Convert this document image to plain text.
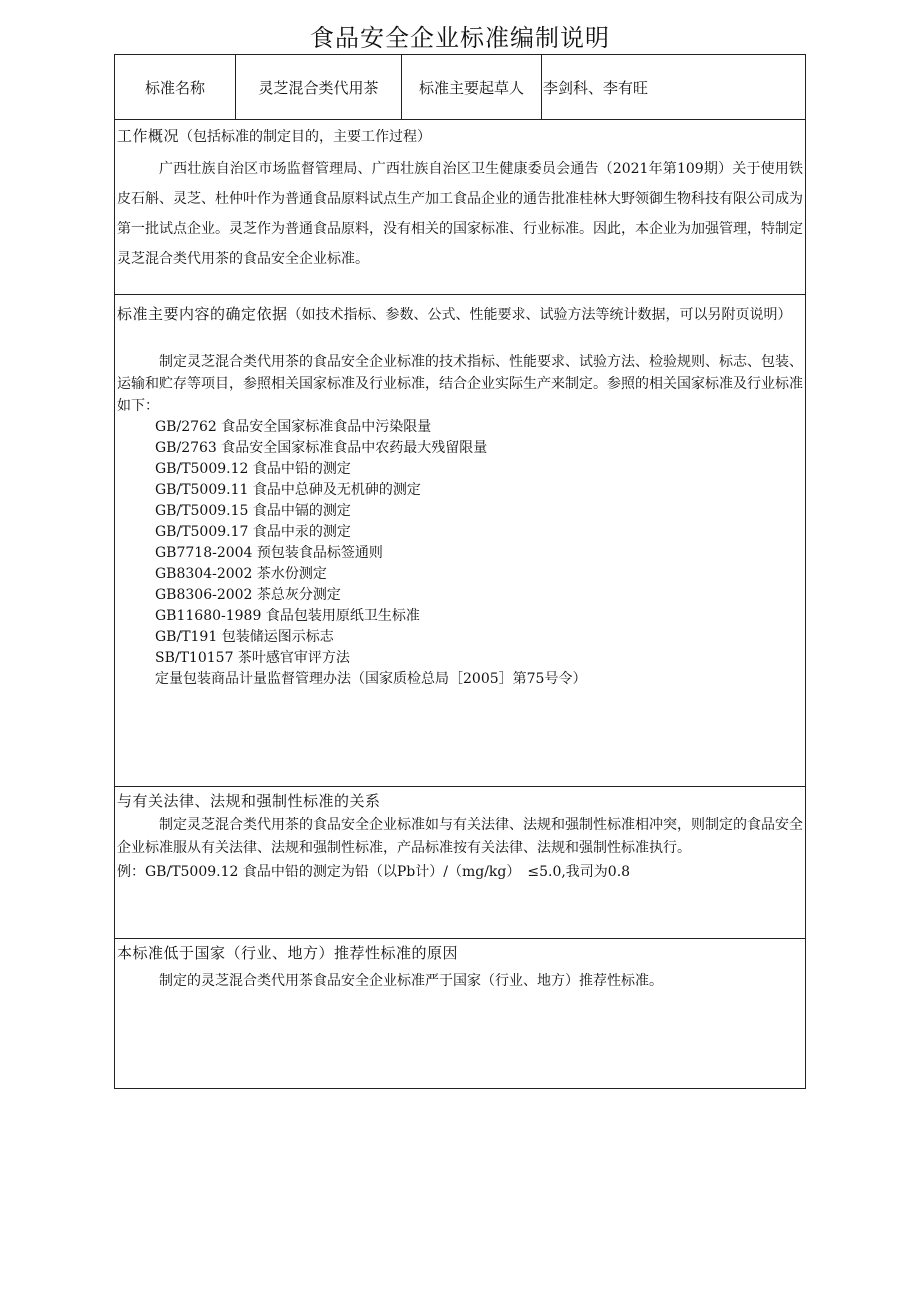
食品安全企业标准编制说明
标准名称	灵芝混合类代用茶	标准主要起草人	李剑科、李有旺
工作概况（包括标准的制定目的，主要工作过程）
广西壮族自治区市场监督管理局、广西壮族自治区卫生健康委员会通告（2021年第109期）关于使用铁皮石斛、灵芝、杜仲叶作为普通食品原料试点生产加工食品企业的通告批准桂林大野领御生物科技有限公司成为第一批试点企业。灵芝作为普通食品原料，没有相关的国家标准、行业标准。因此，本企业为加强管理，特制定灵芝混合类代用茶的食品安全企业标准。
标准主要内容的确定依据（如技术指标、参数、公式、性能要求、试验方法等统计数据，可以另附页说明）
制定灵芝混合类代用茶的食品安全企业标准的技术指标、性能要求、试验方法、检验规则、标志、包装、运输和贮存等项目，参照相关国家标准及行业标准，结合企业实际生产来制定。参照的相关国家标准及行业标准如下：
GB/2762 食品安全国家标准食品中污染限量
GB/2763 食品安全国家标准食品中农药最大残留限量
GB/T5009.12 食品中铅的测定
GB/T5009.11 食品中总砷及无机砷的测定
GB/T5009.15 食品中镉的测定
GB/T5009.17 食品中汞的测定
GB7718-2004 预包装食品标签通则
GB8304-2002 茶水份测定
GB8306-2002 茶总灰分测定
GB11680-1989 食品包装用原纸卫生标准
GB/T191 包装储运图示标志
SB/T10157 茶叶感官审评方法
定量包装商品计量监督管理办法（国家质检总局［2005］第75号令）
与有关法律、法规和强制性标准的关系
制定灵芝混合类代用茶的食品安全企业标准如与有关法律、法规和强制性标准相冲突，则制定的食品安全企业标准服从有关法律、法规和强制性标准，产品标准按有关法律、法规和强制性标准执行。
例：GB/T5009.12 食品中铅的测定为铅（以Pb计）/（mg/kg）　≤5.0,我司为0.8
本标准低于国家（行业、地方）推荐性标准的原因
制定的灵芝混合类代用茶食品安全企业标准严于国家（行业、地方）推荐性标准。
